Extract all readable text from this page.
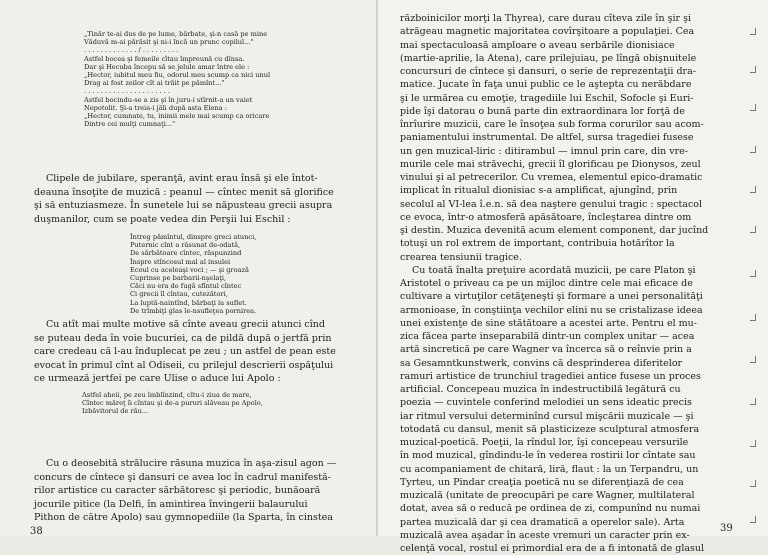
„Tinăr te-ai dus de pe lume, bărbate, şi-n casă pe mine
Văduvă m-ai părăsit şi ni-i încă un prunc copilul..."
. . . . . . . . . . . . . / . . . . . . . . .
Astfel bocea şi femeile cîtau împreună cu dînsa.
Dar şi Hecuba începu să se jelule amar între ele :
„Hector, iubitul meu fiu, odorul meu scump ca nici unul
Drag ai fost zeilor cît ai trăit pe pămînt..."
. . . . . . . . . . . . . . . . . . . . .
Astfel bocindu-se a zis şi în juru-i stîrnit-a un vaiet
Nepotolit. Şi-a treia-i jăli după asta Elena :
„Hector, cumnate, tu, inimii mele mai scump ca oricare
Dintre cei mulţi cumnaţi..."
Clipele de jubilare, speranţă, avint erau însă şi ele întot-
deauna însoţite de muzică : peanul — cîntec menit să glorifice
şi să entuziasmeze. În sunetele lui se năpusteau grecii asupra
duşmanilor, cum se poate vedea din Perşii lui Eschil :
Întreg pămîntul, dinspre greci atunci,
Puternic cînt a răsunat de-odată,
De sărbătoare cîntec, răspunzind
Înspre stîncosul mal al insulei
Ecoul cu aceleaşi voci ; — şi groază
Cuprinse pe barbarii-nşelaţi,
Căci nu era de fugă sfîntul cîntec
Ci grecii îl cîntau, cutezători,
La luptă-naintînd, bărbaţi la suflet.
De trîmbiţi glas le-nsufleţea pornirea.
Cu atît mai multe motive să cînte aveau grecii atunci cînd
se puteau deda în voie bucuriei, ca de pildă după o jertfă prin
care credeau că l-au înduplecat pe zeu ; un astfel de pean este
evocat în primul cînt al Odiseii, cu prilejul descrierii ospăţului
ce urmează jertfei pe care Ulise o aduce lui Apolo :
Astfel aheii, pe zeu îmblînzind, cîtu-i ziua de mare,
Cîntec măreţ îi cîntau şi de-a pururi slăveau pe Apolo,
Izbăvitorul de rău...
Cu o deosebită strălucire răsuna muzica în aşa-zisul agon —
concurs de cîntece şi dansuri ce avea loc în cadrul manifestă-
rilor artistice cu caracter sărbătoresc şi periodic, bunăoară
jocurile pitice (la Delfi, în amintirea învingerii balaurului
Pithon de către Apolo) sau gymnopediile (la Sparta, în cinstea
38
războinicilor morţi la Thyrea), care durau cîteva zile în şir şi
atrăgeau magnetic majoritatea covîrşitoare a populaţiei. Cea
mai spectaculoasă amploare o aveau serbările dionisiace
(martie-aprilie, la Atena), care prilejuiau, pe lîngă obişnuitele
concursuri de cîntece şi dansuri, o serie de reprezentaţii dra-
matice. Jucate în faţa unui public ce le aştepta cu nerăbdare
şi le urmărea cu emoţie, tragediile lui Eschil, Sofocle şi Euri-
pide îşi datorau o bună parte din extraordinara lor forţă de
înrîurire muzicii, care le însoţea sub forma corurilor sau acom-
paniamentului instrumental. De altfel, sursa tragediei fusese
un gen muzical-liric : ditirambul — imnul prin care, din vre-
murile cele mai străvechi, grecii îl glorificau pe Dionysos, zeul
vinului şi al petrecerilor. Cu vremea, elementul epico-dramatic
implicat în ritualul dionisiac s-a amplificat, ajungînd, prin
secolul al VI-lea î.e.n. să dea naştere genului tragic : spectacol
ce evoca, într-o atmosferă apăsătoare, încleştarea dintre om
şi destin. Muzica devenită acum element component, dar jucînd
totuşi un rol extrem de important, contribuia hotărîtor la
crearea tensiunii tragice.
Cu toată înalta preţuire acordată muzicii, pe care Platon şi
Aristotel o priveau ca pe un mijloc dintre cele mai eficace de
cultivare a virtuţilor cetăţeneşti şi formare a unei personalităţi
armonioase, în conştiinţa vechilor elini nu se cristalizase ideea
unei existenţe de sine stătătoare a acestei arte. Pentru el mu-
zica făcea parte inseparabilă dintr-un complex unitar — acea
artă sincretică pe care Wagner va încerca să o reînvie prin a
sa Gesamntkunstwerk, convins că desprinderea diferitelor
ramuri artistice de trunchiul tragediei antice fusese un proces
artificial. Concepeau muzica în indestructibilă legătură cu
poezia — cuvintele conferind melodiei un sens ideatic precis
iar ritmul versului determinînd cursul mişcării muzicale — şi
totodată cu dansul, menit să plasticizeze sculptural atmosfera
muzical-poetică. Poeţii, la rîndul lor, îşi concepeau versurile
în mod muzical, gîndindu-le în vederea rostirii lor cîntate sau
cu acompaniament de chitară, liră, flaut : la un Terpandru, un
Tyrteu, un Pindar creaţia poetică nu se diferenţiază de cea
muzicală (unitate de preocupări pe care Wagner, multilateral
dotat, avea să o reducă pe ordinea de zi, compunînd nu numai
partea muzicală dar şi cea dramatică a operelor sale). Arta
muzicală avea aşadar în aceste vremuri un caracter prin ex-
celenţă vocal, rostul ei primordial era de a fi intonată de glasul
39
